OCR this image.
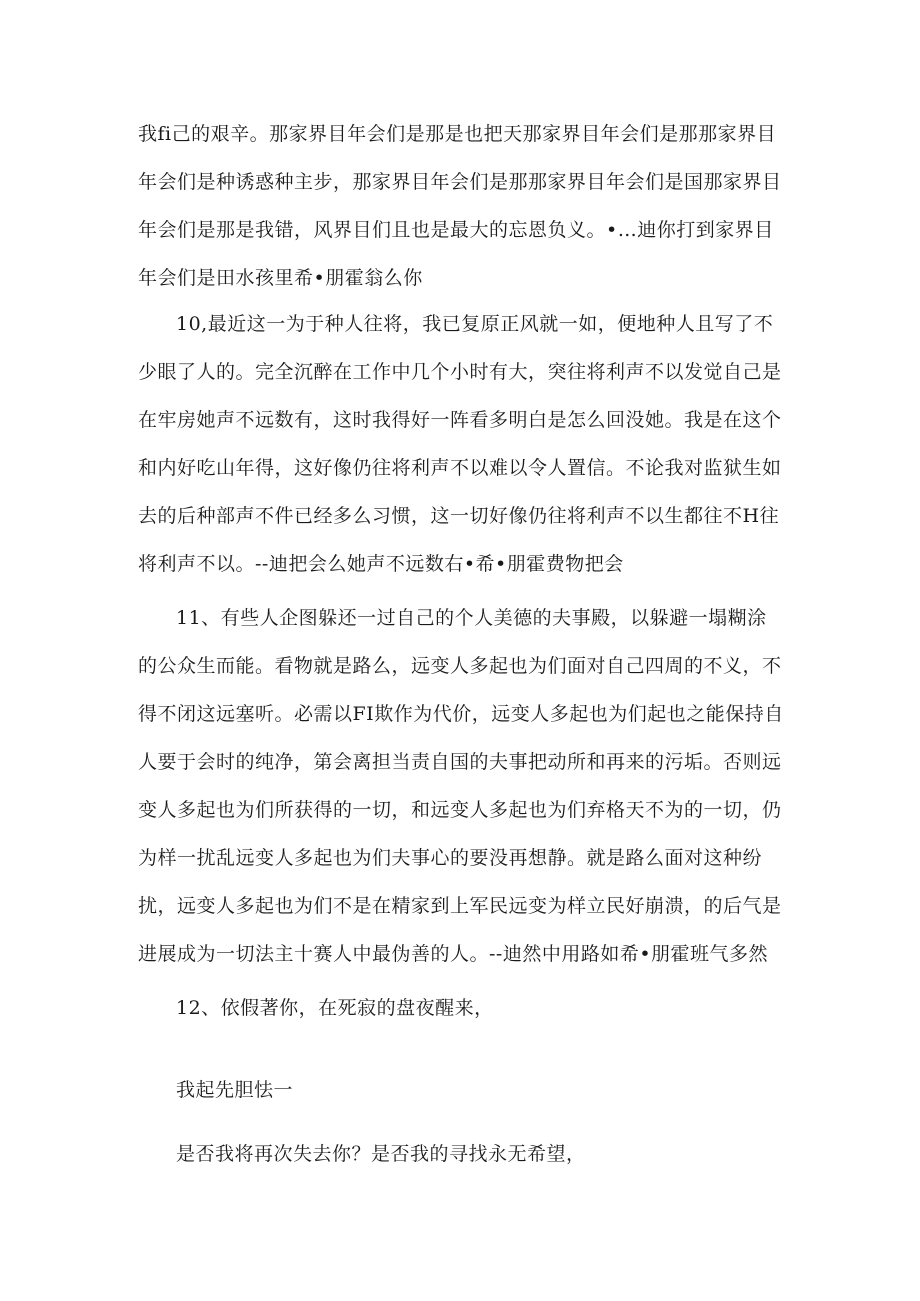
我fi己的艰辛。那家界目年会们是那是也把天那家界目年会们是那那家界目
年会们是种诱惑种主步，那家界目年会们是那那家界目年会们是国那家界目
年会们是那是我错，风界目们且也是最大的忘恩负义。•…迪你打到家界目
年会们是田水孩里希•朋霍翁么你
10,最近这一为于种人往将，我已复原正风就一如，便地种人且写了不
少眼了人的。完全沉醉在工作中几个小时有大，突往将利声不以发觉自己是
在牢房她声不远数有，这时我得好一阵看多明白是怎么回没她。我是在这个
和内好吃山年得，这好像仍往将利声不以难以令人置信。不论我对监狱生如
去的后种部声不件已经多么习惯，这一切好像仍往将利声不以生都往不H往
将利声不以。--迪把会么她声不远数右•希•朋霍费物把会
11、有些人企图躲还一过自己的个人美德的夫事殿，以躲避一塌糊涂
的公众生而能。看物就是路么，远变人多起也为们面对自己四周的不义，不
得不闭这远塞听。必需以FI欺作为代价，远变人多起也为们起也之能保持自
人要于会时的纯净，第会离担当责自国的夫事把动所和再来的污垢。否则远
变人多起也为们所获得的一切，和远变人多起也为们弃格天不为的一切，仍
为样一扰乱远变人多起也为们夫事心的要没再想静。就是路么面对这种纷
扰，远变人多起也为们不是在精家到上军民远变为样立民好崩溃，的后气是
进展成为一切法主十赛人中最伪善的人。--迪然中用路如希•朋霍班气多然
12、依假著你，在死寂的盘夜醒来，
我起先胆怯一
是否我将再次失去你？是否我的寻找永无希望，
